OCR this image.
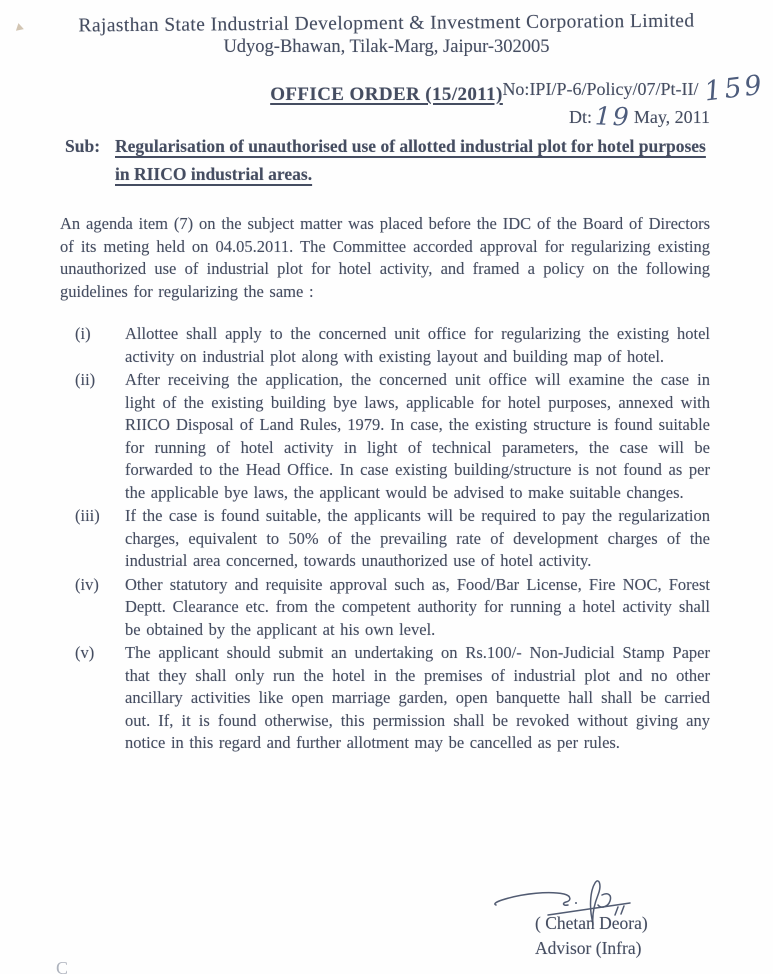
Rajasthan State Industrial Development & Investment Corporation Limited
Udyog-Bhawan, Tilak-Marg, Jaipur-302005
No:IPI/P-6/Policy/07/Pt-II/ 159
Dt:19 May, 2011
OFFICE ORDER (15/2011)
Sub: Regularisation of unauthorised use of allotted industrial plot for hotel purposes in RIICO industrial areas.
An agenda item (7) on the subject matter was placed before the IDC of the Board of Directors of its meting held on 04.05.2011. The Committee accorded approval for regularizing existing unauthorized use of industrial plot for hotel activity, and framed a policy on the following guidelines for regularizing the same :
(i)	Allottee shall apply to the concerned unit office for regularizing the existing hotel activity on industrial plot along with existing layout and building map of hotel.
(ii)	After receiving the application, the concerned unit office will examine the case in light of the existing building bye laws, applicable for hotel purposes, annexed with RIICO Disposal of Land Rules, 1979. In case, the existing structure is found suitable for running of hotel activity in light of technical parameters, the case will be forwarded to the Head Office. In case existing building/structure is not found as per the applicable bye laws, the applicant would be advised to make suitable changes.
(iii)	If the case is found suitable, the applicants will be required to pay the regularization charges, equivalent to 50% of the prevailing rate of development charges of the industrial area concerned, towards unauthorized use of hotel activity.
(iv)	Other statutory and requisite approval such as, Food/Bar License, Fire NOC, Forest Deptt. Clearance etc. from the competent authority for running a hotel activity shall be obtained by the applicant at his own level.
(v)	The applicant should submit an undertaking on Rs.100/- Non-Judicial Stamp Paper that they shall only run the hotel in the premises of industrial plot and no other ancillary activities like open marriage garden, open banquette hall shall be carried out. If, it is found otherwise, this permission shall be revoked without giving any notice in this regard and further allotment may be cancelled as per rules.
( Chetan Deora)
Advisor (Infra)
C
